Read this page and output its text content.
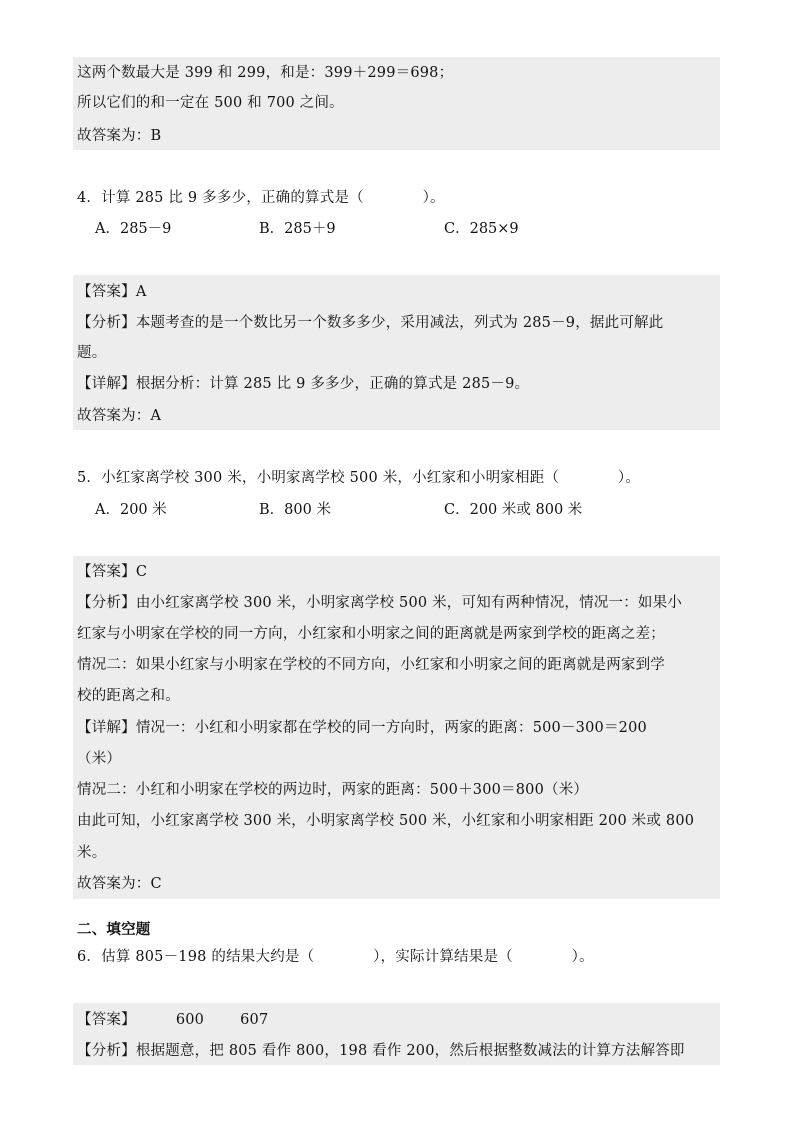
这两个数最大是 399 和 299，和是：399＋299＝698；
所以它们的和一定在 500 和 700 之间。
故答案为：B
4．计算 285 比 9 多多少，正确的算式是（　　　　）。
A．285－9	B．285＋9	C．285×9
【答案】A
【分析】本题考查的是一个数比另一个数多多少，采用减法，列式为 285－9，据此可解此
题。
【详解】根据分析：计算 285 比 9 多多少，正确的算式是 285－9。
故答案为：A
5．小红家离学校 300 米，小明家离学校 500 米，小红家和小明家相距（　　　　）。
A．200 米	B．800 米	C．200 米或 800 米
【答案】C
【分析】由小红家离学校 300 米，小明家离学校 500 米，可知有两种情况，情况一：如果小
红家与小明家在学校的同一方向，小红家和小明家之间的距离就是两家到学校的距离之差；
情况二：如果小红家与小明家在学校的不同方向，小红家和小明家之间的距离就是两家到学
校的距离之和。
【详解】情况一：小红和小明家都在学校的同一方向时，两家的距离：500－300＝200
（米）
情况二：小红和小明家在学校的两边时，两家的距离：500＋300＝800（米）
由此可知，小红家离学校 300 米，小明家离学校 500 米，小红家和小明家相距 200 米或 800
米。
故答案为：C
二、填空题
6．估算 805－198 的结果大约是（　　　　），实际计算结果是（　　　　）。
【答案】	600 607
【分析】根据题意，把 805 看作 800，198 看作 200，然后根据整数减法的计算方法解答即
